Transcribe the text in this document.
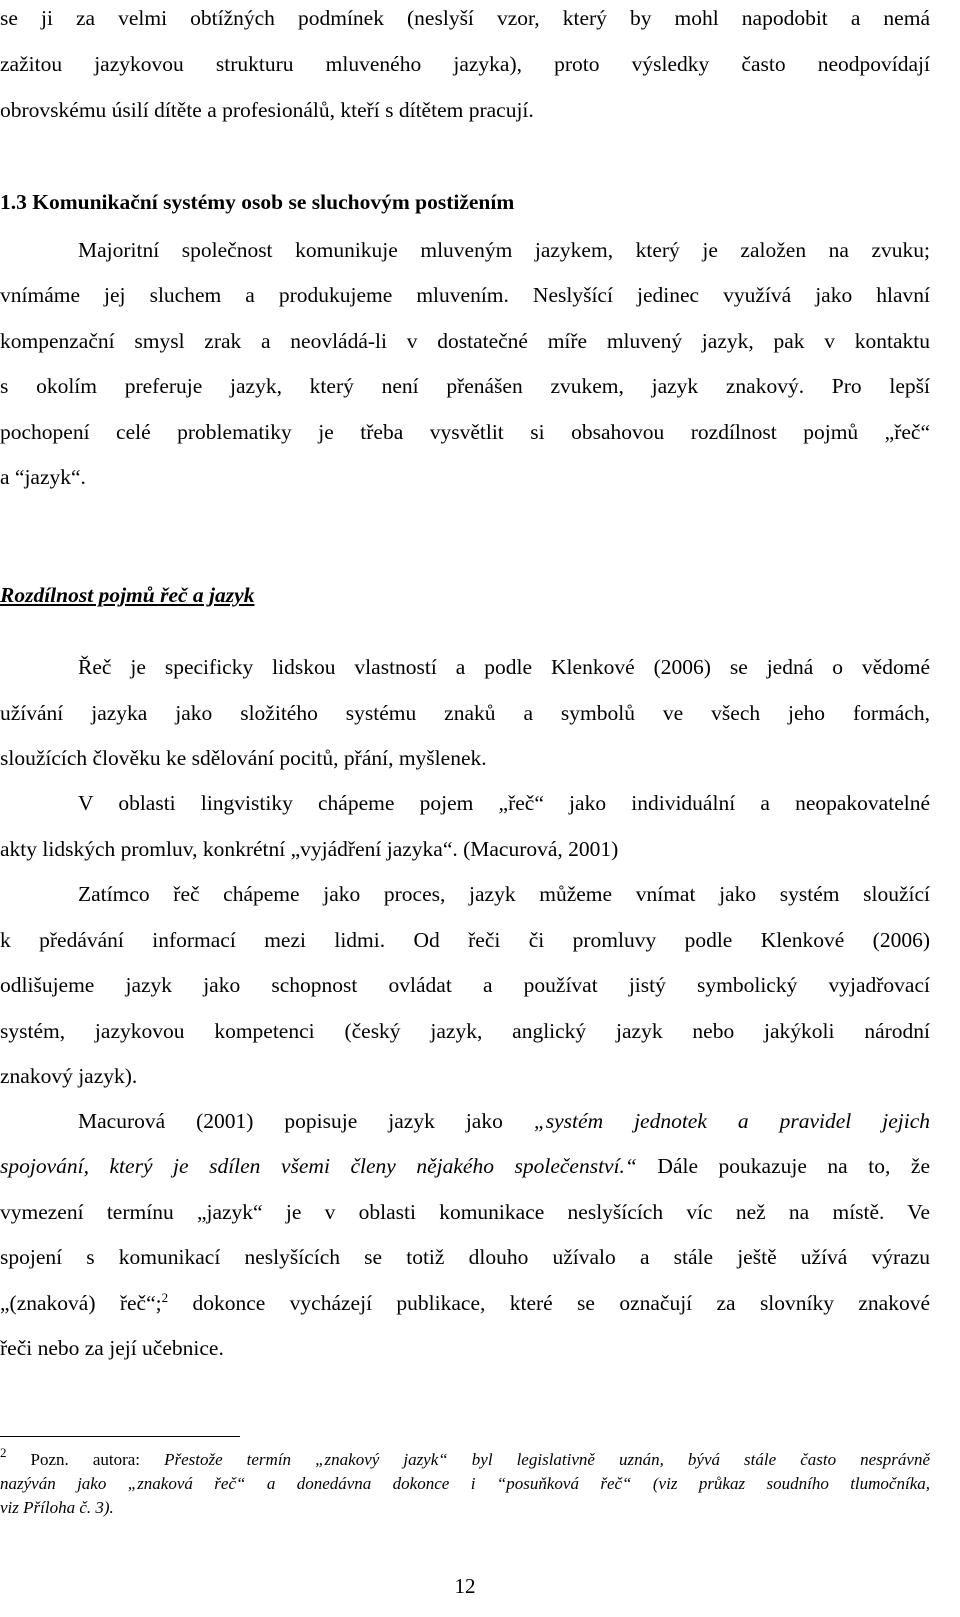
se ji za velmi obtížných podmínek (neslyší vzor, který by mohl napodobit a nemá
zažitou jazykovou strukturu mluveného jazyka), proto výsledky často neodpovídají
obrovskému úsilí dítěte a profesionálů, kteří s dítětem pracují.
1.3 Komunikační systémy osob se sluchovým postižením
Majoritní společnost komunikuje mluveným jazykem, který je založen na zvuku;
vnímáme jej sluchem a produkujeme mluvením. Neslyšící jedinec využívá jako hlavní
kompenzační smysl zrak a neovládá-li v dostatečné míře mluvený jazyk, pak v kontaktu
s okolím preferuje jazyk, který není přenášen zvukem, jazyk znakový. Pro lepší
pochopení celé problematiky je třeba vysvětlit si obsahovou rozdílnost pojmů „řeč“
a “jazyk“.
Rozdílnost pojmů řeč a jazyk
Řeč je specificky lidskou vlastností a podle Klenkové (2006) se jedná o vědomé
užívání jazyka jako složitého systému znaků a symbolů ve všech jeho formách,
sloužících člověku ke sdělování pocitů, přání, myšlenek.
V oblasti lingvistiky chápeme pojem „řeč“ jako individuální a neopakovatelné
akty lidských promluv, konkrétní „vyjádření jazyka“. (Macurová, 2001)
Zatímco řeč chápeme jako proces, jazyk můžeme vnímat jako systém sloužící
k předávání informací mezi lidmi. Od řeči či promluvy podle Klenkové (2006)
odlišujeme jazyk jako schopnost ovládat a používat jistý symbolický vyjadřovací
systém, jazykovou kompetenci (český jazyk, anglický jazyk nebo jakýkoli národní
znakový jazyk).
Macurová (2001) popisuje jazyk jako „systém jednotek a pravidel jejich
spojování, který je sdílen všemi členy nějakého společenství.“ Dále poukazuje na to, že
vymezení termínu „jazyk“ je v oblasti komunikace neslyšících víc než na místě. Ve
spojení s komunikací neslyšících se totiž dlouho užívalo a stále ještě užívá výrazu
„(znaková) řeč“;$^2$ dokonce vycházejí publikace, které se označují za slovníky znakové
řeči nebo za její učebnice.
$^2$ Pozn. autora: Přestože termín „znakový jazyk“ byl legislativně uznán, bývá stále často nesprávně
nazýván jako „znaková řeč“ a donedávna dokonce i “posuňková řeč“ (viz průkaz soudního tlumočníka,
viz Příloha č. 3).
12
